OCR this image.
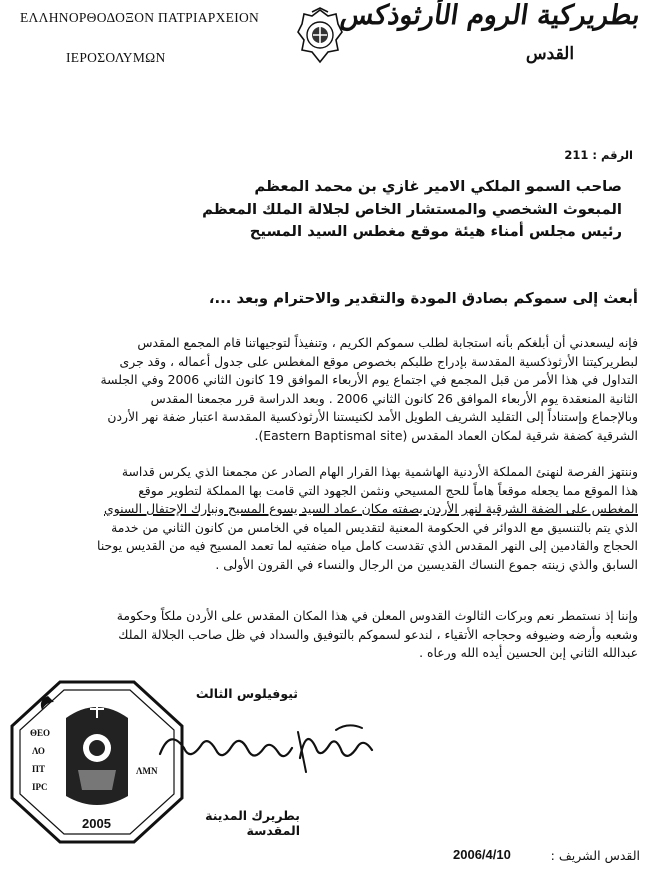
ΕΛΛΗΝΟΡΘΟΔΟΞΟΝ ΠΑΤΡΙΑΡΧΕΙΟΝ
ΙΕΡΟΣΟΛΥΜΩΝ
بطريركية الروم الأرثوذكس
القدس
الرقم : 211
صاحب السمو الملكي الامير غازي بن محمد المعظم
المبعوث الشخصي والمستشار الخاص لجلالة الملك المعظم
رئيس مجلس أمناء هيئة موقع مغطس السيد المسيح
أبعث إلى سموكم بصادق المودة والتقدير والاحترام وبعد ...،
فإنه ليسعدني أن أبلغكم بأنه استجابة لطلب سموكم الكريم ، وتنفيذاً لتوجيهاتنا قام المجمع المقدس
لبطريركيتنا الأرثوذكسية المقدسة بإدراج طلبكم بخصوص موقع المغطس على جدول أعماله ، وقد جرى
التداول في هذا الأمر من قبل المجمع في اجتماع يوم الأربعاء الموافق 19 كانون الثاني 2006 وفي الجلسة
الثانية المنعقدة يوم الأربعاء الموافق 26 كانون الثاني 2006 . وبعد الدراسة قرر مجمعنا المقدس
وبالإجماع وإستناداً إلى التقليد الشريف الطويل الأمد لكنيستنا الأرثوذكسية المقدسة اعتبار ضفة نهر الأردن
الشرقية كضفة شرقية لمكان العماد المقدس (Eastern Baptismal site).
وننتهز الفرصة لنهنئ المملكة الأردنية الهاشمية بهذا القرار الهام الصادر عن مجمعنا الذي يكرس قداسة
هذا الموقع مما يجعله موقعاً هاماً للحج المسيحي ونثمن الجهود التي قامت بها المملكة لتطوير موقع
المغطس على الضفة الشرقية لنهر الأردن بصفته مكان عماد السيد يسوع المسيح ونبارك الإحتفال السنوي
الذي يتم بالتنسيق مع الدوائر في الحكومة المعنية لتقديس المياه في الخامس من كانون الثاني من خدمة
الحجاج والقادمين إلى النهر المقدس الذي تقدست كامل مياه ضفتيه لما تعمد المسيح فيه من القديس يوحنا
السابق والذي زينته جموع النساك القديسين من الرجال والنساء في القرون الأولى .
وإننا إذ نستمطر نعم وبركات الثالوث القدوس المعلن في هذا المكان المقدس على الأردن ملكاً وحكومة
وشعبه وأرضه وضيوفه وحجاجه الأتقياء ، لندعو لسموكم بالتوفيق والسداد في ظل صاحب الجلالة الملك
عبدالله الثاني إبن الحسين أيده الله ورعاه .
ΘΕΟ
ΛΟ
ΠΤ
IPC
ΛΜΝ
2005
ثيوفيلوس الثالث
بطريرك المدينة المقدسة
القدس الشريف :
2006/4/10
